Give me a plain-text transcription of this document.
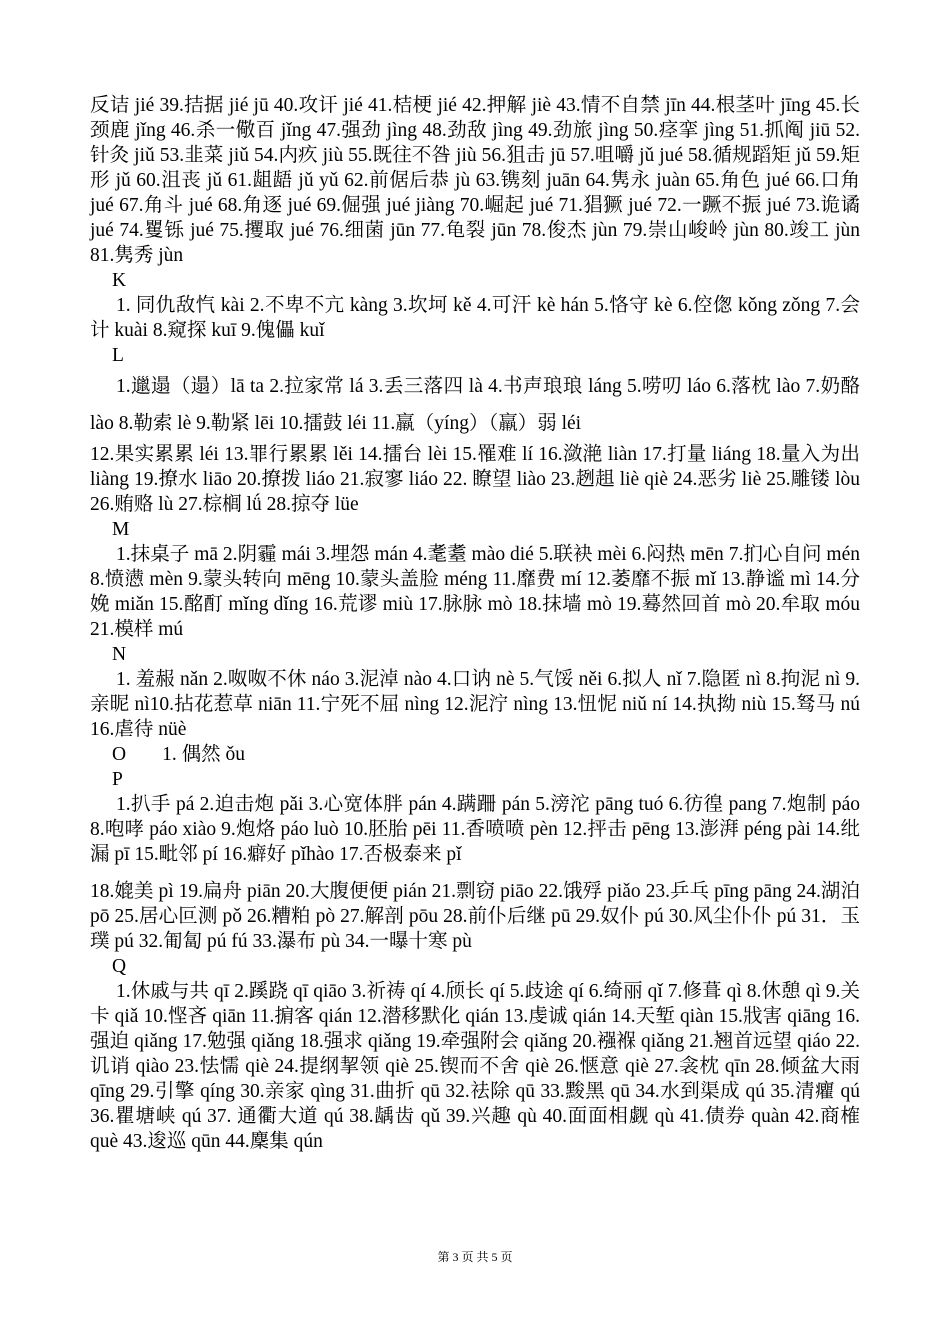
反诘 jié 39.拮据 jié jū 40.攻讦 jié 41.桔梗 jié 42.押解 jiè 43.情不自禁 jīn 44.根茎叶 jīng 45.长颈鹿 jǐng 46.杀一儆百 jǐng 47.强劲 jìng 48.劲敌 jìng 49.劲旅 jìng 50.痉挛 jìng 51.抓阄 jiū 52.针灸 jiǔ 53.韭菜 jiǔ 54.内疚 jiù 55.既往不咎 jiù 56.狙击 jū 57.咀嚼 jǔ jué 58.循规蹈矩 jǔ 59.矩形 jǔ 60.沮丧 jǔ 61.龃龉 jǔ yǔ 62.前倨后恭 jù 63.镌刻 juān 64.隽永 juàn 65.角色 jué 66.口角 jué 67.角斗 jué 68.角逐 jué 69.倔强 jué jiàng 70.崛起 jué 71.猖獗 jué 72.一蹶不振 jué 73.诡谲 jué 74.矍铄 jué 75.攫取 jué 76.细菌 jūn 77.龟裂 jūn 78.俊杰 jùn 79.崇山峻岭 jùn 80.竣工 jùn 81.隽秀 jùn

K

1. 同仇敌忾 kài 2.不卑不亢 kàng 3.坎坷 kě 4.可汗 kè hán 5.恪守 kè 6.倥偬 kǒng zǒng 7.会计 kuài 8.窥探 kuī 9.傀儡 kuǐ

L

1.邋遢（遢）lā ta 2.拉家常 lá 3.丢三落四 là 4.书声琅琅 láng 5.唠叨 láo 6.落枕 lào 7.奶酪 lào 8.勒索 lè 9.勒紧 lēi 10.擂鼓 léi 11.羸（yíng）（羸）弱 léi

12.果实累累 léi 13.罪行累累 lěi 14.擂台 lèi 15.罹难 lí 16.潋滟 liàn 17.打量 liáng 18.量入为出 liàng 19.撩水 liāo 20.撩拨 liáo 21.寂寥 liáo 22. 瞭望 liào 23.趔趄 liè qiè 24.恶劣 liè 25.雕镂 lòu 26.贿赂 lù 27.棕榈 lǘ 28.掠夺 lüe

M

1.抹桌子 mā 2.阴霾 mái 3.埋怨 mán 4.耄耋 mào dié 5.联袂 mèi 6.闷热 mēn 7.扪心自问 mén 8.愤懑 mèn 9.蒙头转向 mēng 10.蒙头盖脸 méng 11.靡费 mí 12.萎靡不振 mǐ 13.静谧 mì 14.分娩 miǎn 15.酩酊 mǐng dǐng 16.荒谬 miù 17.脉脉 mò 18.抹墙 mò 19.蓦然回首 mò 20.牟取 móu 21.模样 mú

N

1. 羞赧 nǎn 2.呶呶不休 náo 3.泥淖 nào 4.口讷 nè 5.气馁 něi 6.拟人 nǐ 7.隐匿 nì 8.拘泥 nì 9.亲昵 nì10.拈花惹草 niān 11.宁死不屈 nìng 12.泥泞 nìng 13.忸怩 niǔ ní 14.执拗 niù 15.驽马 nú 16.虐待 nüè

O 1. 偶然 ǒu

P

1.扒手 pá 2.迫击炮 pǎi 3.心宽体胖 pán 4.蹒跚 pán 5.滂沱 pāng tuó 6.彷徨 pang 7.炮制 páo 8.咆哮 páo xiào 9.炮烙 páo luò 10.胚胎 pēi 11.香喷喷 pèn 12.抨击 pēng 13.澎湃 péng pài 14.纰漏 pī 15.毗邻 pí 16.癖好 pǐhào 17.否极泰来 pǐ

18.媲美 pì 19.扁舟 piān 20.大腹便便 pián 21.剽窃 piāo 22.饿殍 piǎo 23.乒乓 pīng pāng 24.湖泊 pō 25.居心叵测 pǒ 26.糟粕 pò 27.解剖 pōu 28.前仆后继 pū 29.奴仆 pú 30.风尘仆仆 pú 31．玉璞 pú 32.匍匐 pú fú 33.瀑布 pù 34.一曝十寒 pù

Q

1.休戚与共 qī 2.蹊跷 qī qiāo 3.祈祷 qí 4.颀长 qí 5.歧途 qí 6.绮丽 qǐ 7.修葺 qì 8.休憩 qì 9.关卡 qiǎ 10.悭吝 qiān 11.掮客 qián 12.潜移默化 qián 13.虔诚 qián 14.天堑 qiàn 15.戕害 qiāng 16.强迫 qiǎng 17.勉强 qiǎng 18.强求 qiǎng 19.牵强附会 qiǎng 20.襁褓 qiǎng 21.翘首远望 qiáo 22.讥诮 qiào 23.怯懦 qiè 24.提纲挈领 qiè 25.锲而不舍 qiè 26.惬意 qiè 27.衾枕 qīn 28.倾盆大雨 qīng 29.引擎 qíng 30.亲家 qìng 31.曲折 qū 32.祛除 qū 33.黢黑 qū 34.水到渠成 qú 35.清癯 qú 36.瞿塘峡 qú 37. 通衢大道 qú 38.龋齿 qǔ 39.兴趣 qù 40.面面相觑 qù 41.债券 quàn 42.商榷 què 43.逡巡 qūn 44.麇集 qún

第 3 页 共 5 页
